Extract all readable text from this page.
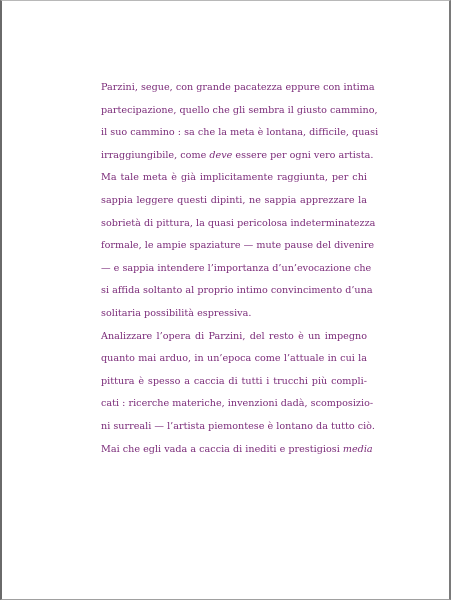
Parzini, segue, con grande pacatezza eppure con intima
partecipazione, quello che gli sembra il giusto cammino,
il suo cammino : sa che la meta è lontana, difficile, quasi
irraggiungibile, come deve essere per ogni vero artista.
Ma tale meta è già implicitamente raggiunta, per chi
sappia leggere questi dipinti, ne sappia apprezzare la
sobrietà di pittura, la quasi pericolosa indeterminatezza
formale, le ampie spaziature — mute pause del divenire
— e sappia intendere l’importanza d’un’evocazione che
si affida soltanto al proprio intimo convincimento d’una
solitaria possibilità espressiva.
Analizzare l’opera di Parzini, del resto è un impegno
quanto mai arduo, in un’epoca come l’attuale in cui la
pittura è spesso a caccia di tutti i trucchi più compli-
cati : ricerche materiche, invenzioni dadà, scomposizio-
ni surreali — l’artista piemontese è lontano da tutto ciò.
Mai che egli vada a caccia di inediti e prestigiosi media
